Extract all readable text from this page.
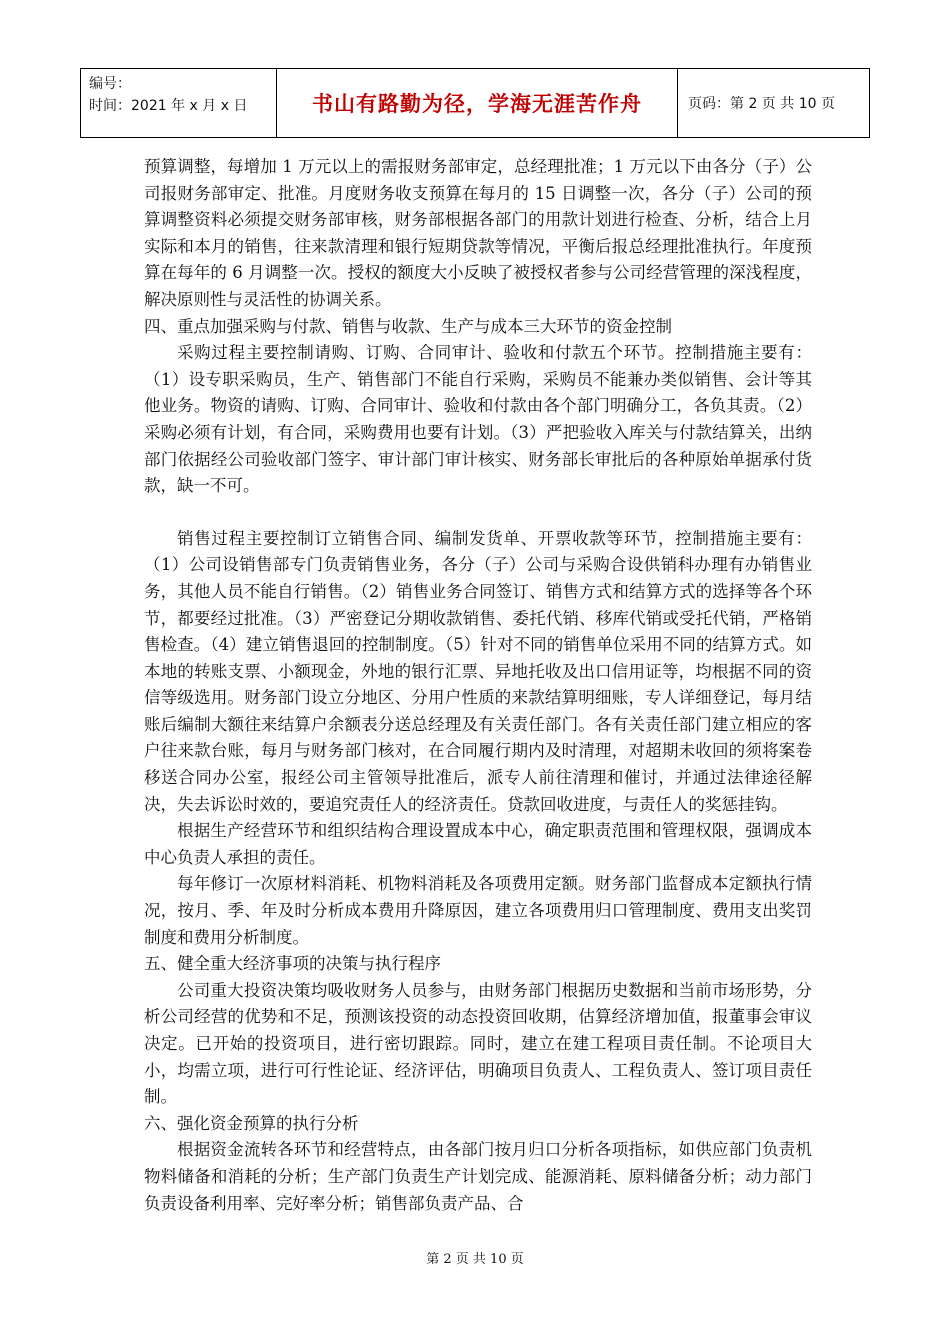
编号：
时间：2021 年 x 月 x 日	书山有路勤为径，学海无涯苦作舟	页码：第 2 页 共 10 页

预算调整，每增加 1 万元以上的需报财务部审定，总经理批准；1 万元以下由各分（子）公司报财务部审定、批准。月度财务收支预算在每月的 15 日调整一次，各分（子）公司的预算调整资料必须提交财务部审核，财务部根据各部门的用款计划进行检查、分析，结合上月实际和本月的销售，往来款清理和银行短期贷款等情况，平衡后报总经理批准执行。年度预算在每年的 6 月调整一次。授权的额度大小反映了被授权者参与公司经营管理的深浅程度，解决原则性与灵活性的协调关系。

四、重点加强采购与付款、销售与收款、生产与成本三大环节的资金控制

采购过程主要控制请购、订购、合同审计、验收和付款五个环节。控制措施主要有：（1）设专职采购员，生产、销售部门不能自行采购，采购员不能兼办类似销售、会计等其他业务。物资的请购、订购、合同审计、验收和付款由各个部门明确分工，各负其责。（2）采购必须有计划，有合同，采购费用也要有计划。（3）严把验收入库关与付款结算关，出纳部门依据经公司验收部门签字、审计部门审计核实、财务部长审批后的各种原始单据承付货款，缺一不可。

销售过程主要控制订立销售合同、编制发货单、开票收款等环节，控制措施主要有：（1）公司设销售部专门负责销售业务，各分（子）公司与采购合设供销科办理有办销售业务，其他人员不能自行销售。（2）销售业务合同签订、销售方式和结算方式的选择等各个环节，都要经过批准。（3）严密登记分期收款销售、委托代销、移库代销或受托代销，严格销售检查。（4）建立销售退回的控制制度。（5）针对不同的销售单位采用不同的结算方式。如本地的转账支票、小额现金，外地的银行汇票、异地托收及出口信用证等，均根据不同的资信等级选用。财务部门设立分地区、分用户性质的来款结算明细账，专人详细登记，每月结账后编制大额往来结算户余额表分送总经理及有关责任部门。各有关责任部门建立相应的客户往来款台账，每月与财务部门核对，在合同履行期内及时清理，对超期未收回的须将案卷移送合同办公室，报经公司主管领导批准后，派专人前往清理和催讨，并通过法律途径解决，失去诉讼时效的，要追究责任人的经济责任。贷款回收进度，与责任人的奖惩挂钩。

根据生产经营环节和组织结构合理设置成本中心，确定职责范围和管理权限，强调成本中心负责人承担的责任。

每年修订一次原材料消耗、机物料消耗及各项费用定额。财务部门监督成本定额执行情况，按月、季、年及时分析成本费用升降原因，建立各项费用归口管理制度、费用支出奖罚制度和费用分析制度。

五、健全重大经济事项的决策与执行程序

公司重大投资决策均吸收财务人员参与，由财务部门根据历史数据和当前市场形势，分析公司经营的优势和不足，预测该投资的动态投资回收期，估算经济增加值，报董事会审议决定。已开始的投资项目，进行密切跟踪。同时，建立在建工程项目责任制。不论项目大小，均需立项，进行可行性论证、经济评估，明确项目负责人、工程负责人、签订项目责任制。

六、强化资金预算的执行分析

根据资金流转各环节和经营特点，由各部门按月归口分析各项指标，如供应部门负责机物料储备和消耗的分析；生产部门负责生产计划完成、能源消耗、原料储备分析；动力部门负责设备利用率、完好率分析；销售部负责产品、合

第 2 页 共 10 页
